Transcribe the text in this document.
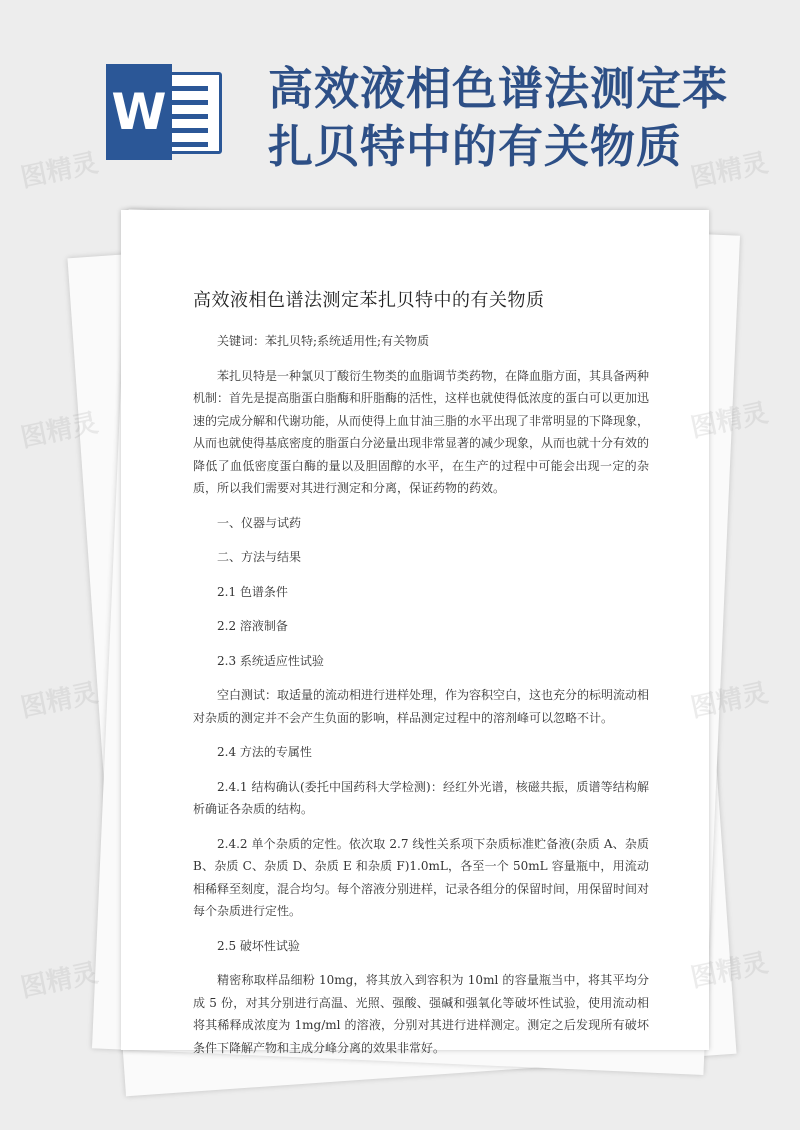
W 高效液相色谱法测定苯扎贝特中的有关物质
高效液相色谱法测定苯扎贝特中的有关物质

关键词：苯扎贝特;系统适用性;有关物质

苯扎贝特是一种氯贝丁酸衍生物类的血脂调节类药物，在降血脂方面，其具备两种机制：首先是提高脂蛋白脂酶和肝脂酶的活性，这样也就使得低浓度的蛋白可以更加迅速的完成分解和代谢功能，从而使得上血甘油三脂的水平出现了非常明显的下降现象，从而也就使得基底密度的脂蛋白分泌量出现非常显著的减少现象，从而也就十分有效的降低了血低密度蛋白酶的量以及胆固醇的水平，在生产的过程中可能会出现一定的杂质，所以我们需要对其进行测定和分离，保证药物的药效。

一、仪器与试药

二、方法与结果

2.1 色谱条件

2.2 溶液制备

2.3 系统适应性试验

空白测试：取适量的流动相进行进样处理，作为容积空白，这也充分的标明流动相对杂质的测定并不会产生负面的影响，样品测定过程中的溶剂峰可以忽略不计。

2.4 方法的专属性

2.4.1 结构确认(委托中国药科大学检测)：经红外光谱，核磁共振，质谱等结构解析确证各杂质的结构。

2.4.2 单个杂质的定性。依次取 2.7 线性关系项下杂质标准贮备液(杂质 A、杂质 B、杂质 C、杂质 D、杂质 E 和杂质 F)1.0mL，各至一个 50mL 容量瓶中，用流动相稀释至刻度，混合均匀。每个溶液分别进样，记录各组分的保留时间，用保留时间对每个杂质进行定性。

2.5 破坏性试验

精密称取样品细粉 10mg，将其放入到容积为 10ml 的容量瓶当中，将其平均分成 5 份，对其分别进行高温、光照、强酸、强碱和强氧化等破坏性试验，使用流动相将其稀释成浓度为 1mg/ml 的溶液，分别对其进行进样测定。测定之后发现所有破坏条件下降解产物和主成分峰分离的效果非常好。

图精灵	图精灵
图精灵
图精灵	图精灵
图精灵
